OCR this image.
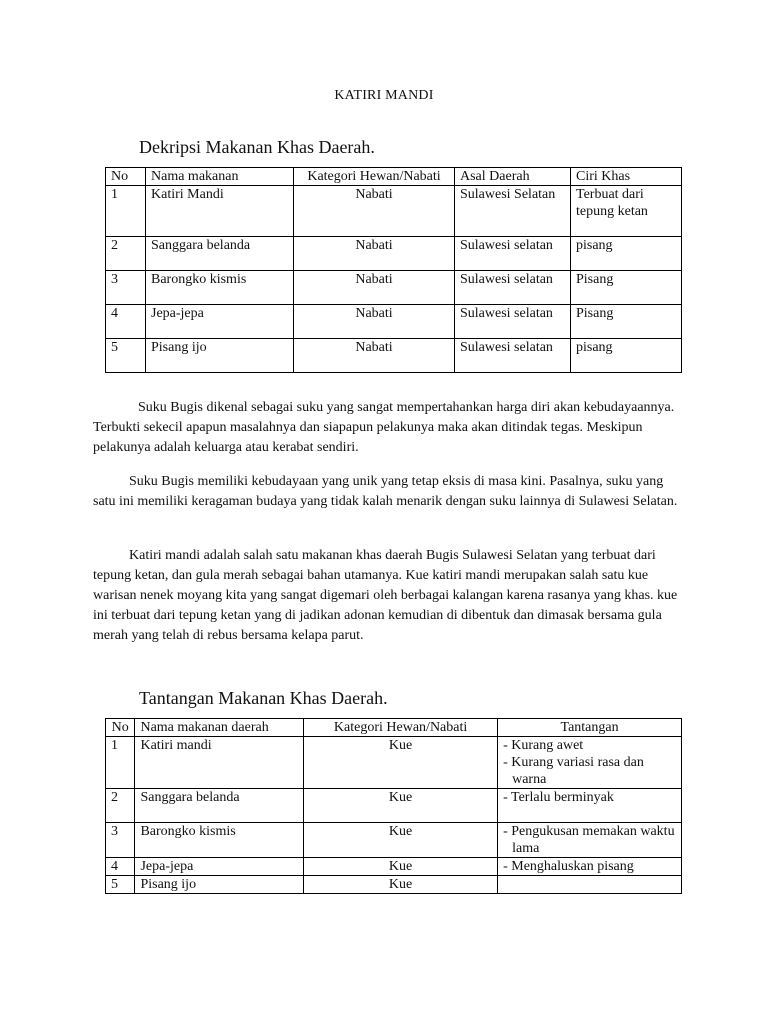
KATIRI MANDI
Dekripsi Makanan Khas Daerah.
No	Nama makanan	Kategori Hewan/Nabati	Asal Daerah	Ciri Khas
1	Katiri Mandi	Nabati	Sulawesi Selatan	Terbuat dari tepung ketan
2	Sanggara belanda	Nabati	Sulawesi selatan	pisang
3	Barongko kismis	Nabati	Sulawesi selatan	Pisang
4	Jepa-jepa	Nabati	Sulawesi selatan	Pisang
5	Pisang ijo	Nabati	Sulawesi selatan	pisang

Suku Bugis dikenal sebagai suku yang sangat mempertahankan harga diri akan kebudayaannya. Terbukti sekecil apapun masalahnya dan siapapun pelakunya maka akan ditindak tegas. Meskipun pelakunya adalah keluarga atau kerabat sendiri.

Suku Bugis memiliki kebudayaan yang unik yang tetap eksis di masa kini. Pasalnya, suku yang satu ini memiliki keragaman budaya yang tidak kalah menarik dengan suku lainnya di Sulawesi Selatan.

Katiri mandi adalah salah satu makanan khas daerah Bugis Sulawesi Selatan yang terbuat dari tepung ketan, dan gula merah sebagai bahan utamanya. Kue katiri mandi merupakan salah satu kue warisan nenek moyang kita yang sangat digemari oleh berbagai kalangan karena rasanya yang khas. kue ini terbuat dari tepung ketan yang di jadikan adonan kemudian di dibentuk dan dimasak bersama gula merah yang telah di rebus bersama kelapa parut.

Tantangan Makanan Khas Daerah.
No	Nama makanan daerah	Kategori Hewan/Nabati	Tantangan
1	Katiri mandi	Kue	- Kurang awet
- Kurang variasi rasa dan warna

2	Sanggara belanda	Kue	- Terlalu berminyak

3	Barongko kismis	Kue	- Pengukusan memakan waktu lama

4	Jepa-jepa	Kue	- Menghaluskan pisang

5	Pisang ijo	Kue	
